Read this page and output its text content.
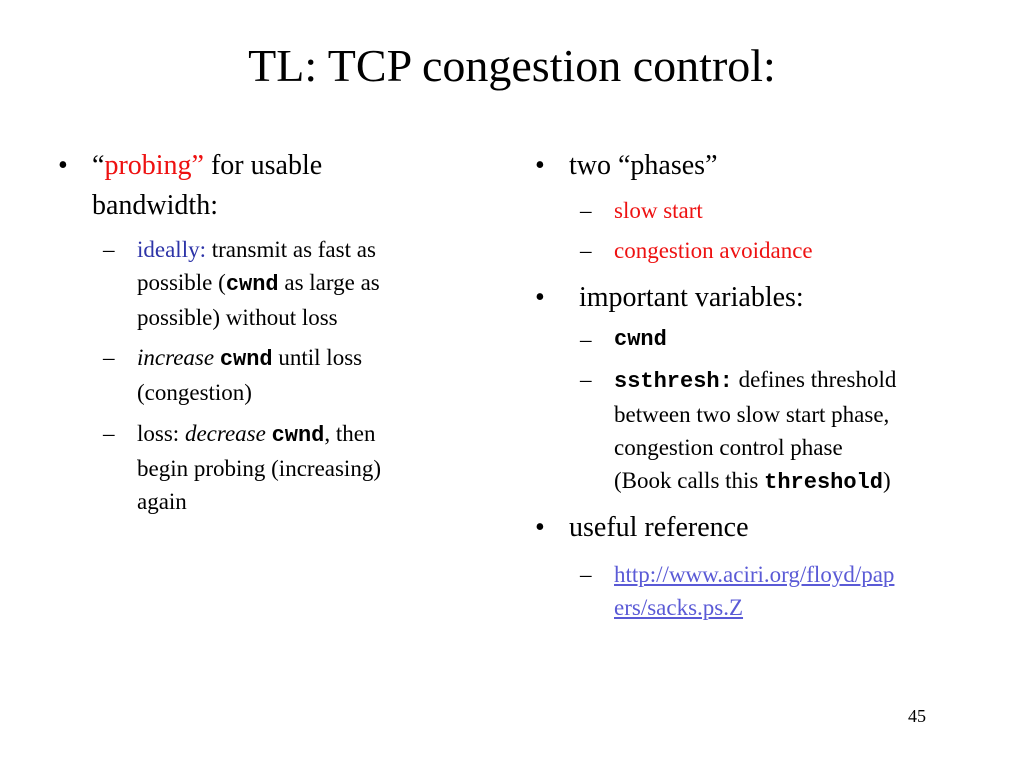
TL: TCP congestion control:
• “probing” for usable
bandwidth:
– ideally: transmit as fast as
possible (cwnd as large as
possible) without loss
– increase cwnd until loss
(congestion)
– loss: decrease cwnd, then
begin probing (increasing)
again
• two “phases”
– slow start
– congestion avoidance
•	important variables:
–	cwnd
–	ssthresh: defines threshold
between two slow start phase,
congestion control phase
(Book calls this threshold)
• useful reference
– http://www.aciri.org/floyd/pap
ers/sacks.ps.Z
45
